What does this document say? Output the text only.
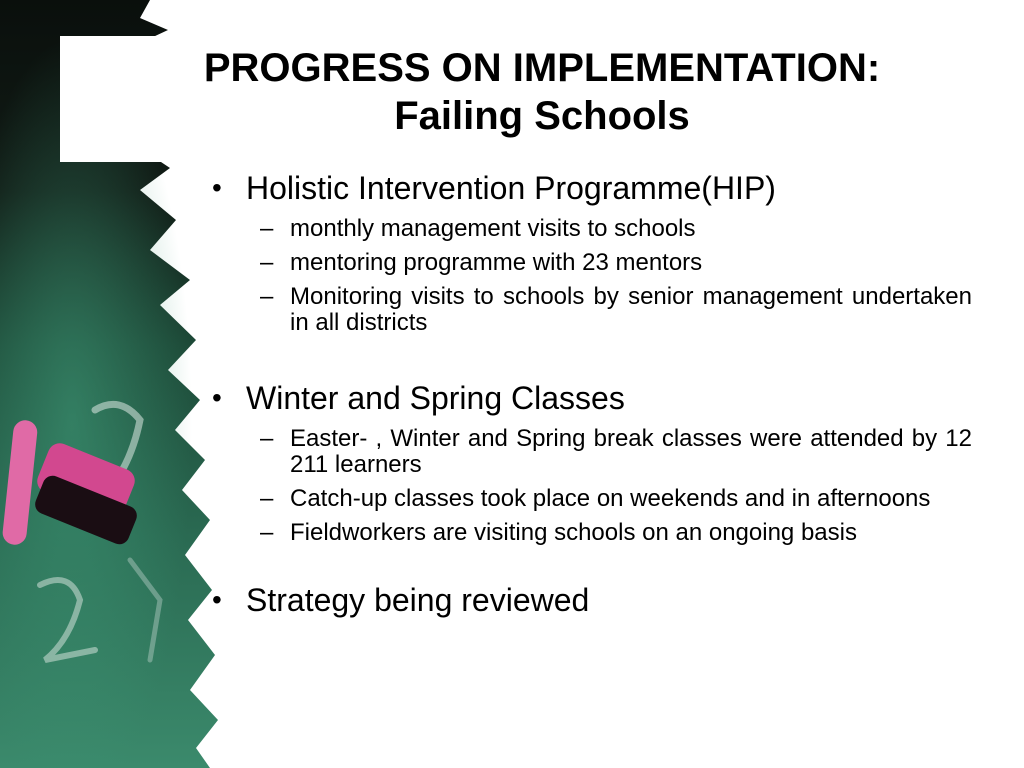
PROGRESS ON IMPLEMENTATION:
Failing Schools
• Holistic Intervention Programme(HIP)
– monthly management visits to schools
– mentoring programme with 23 mentors
– Monitoring visits to schools by senior management undertaken in all districts
• Winter and Spring Classes
– Easter- , Winter and Spring break classes were attended by 12 211 learners
– Catch-up classes took place on weekends and in afternoons
– Fieldworkers are visiting schools on an ongoing basis
• Strategy being reviewed
